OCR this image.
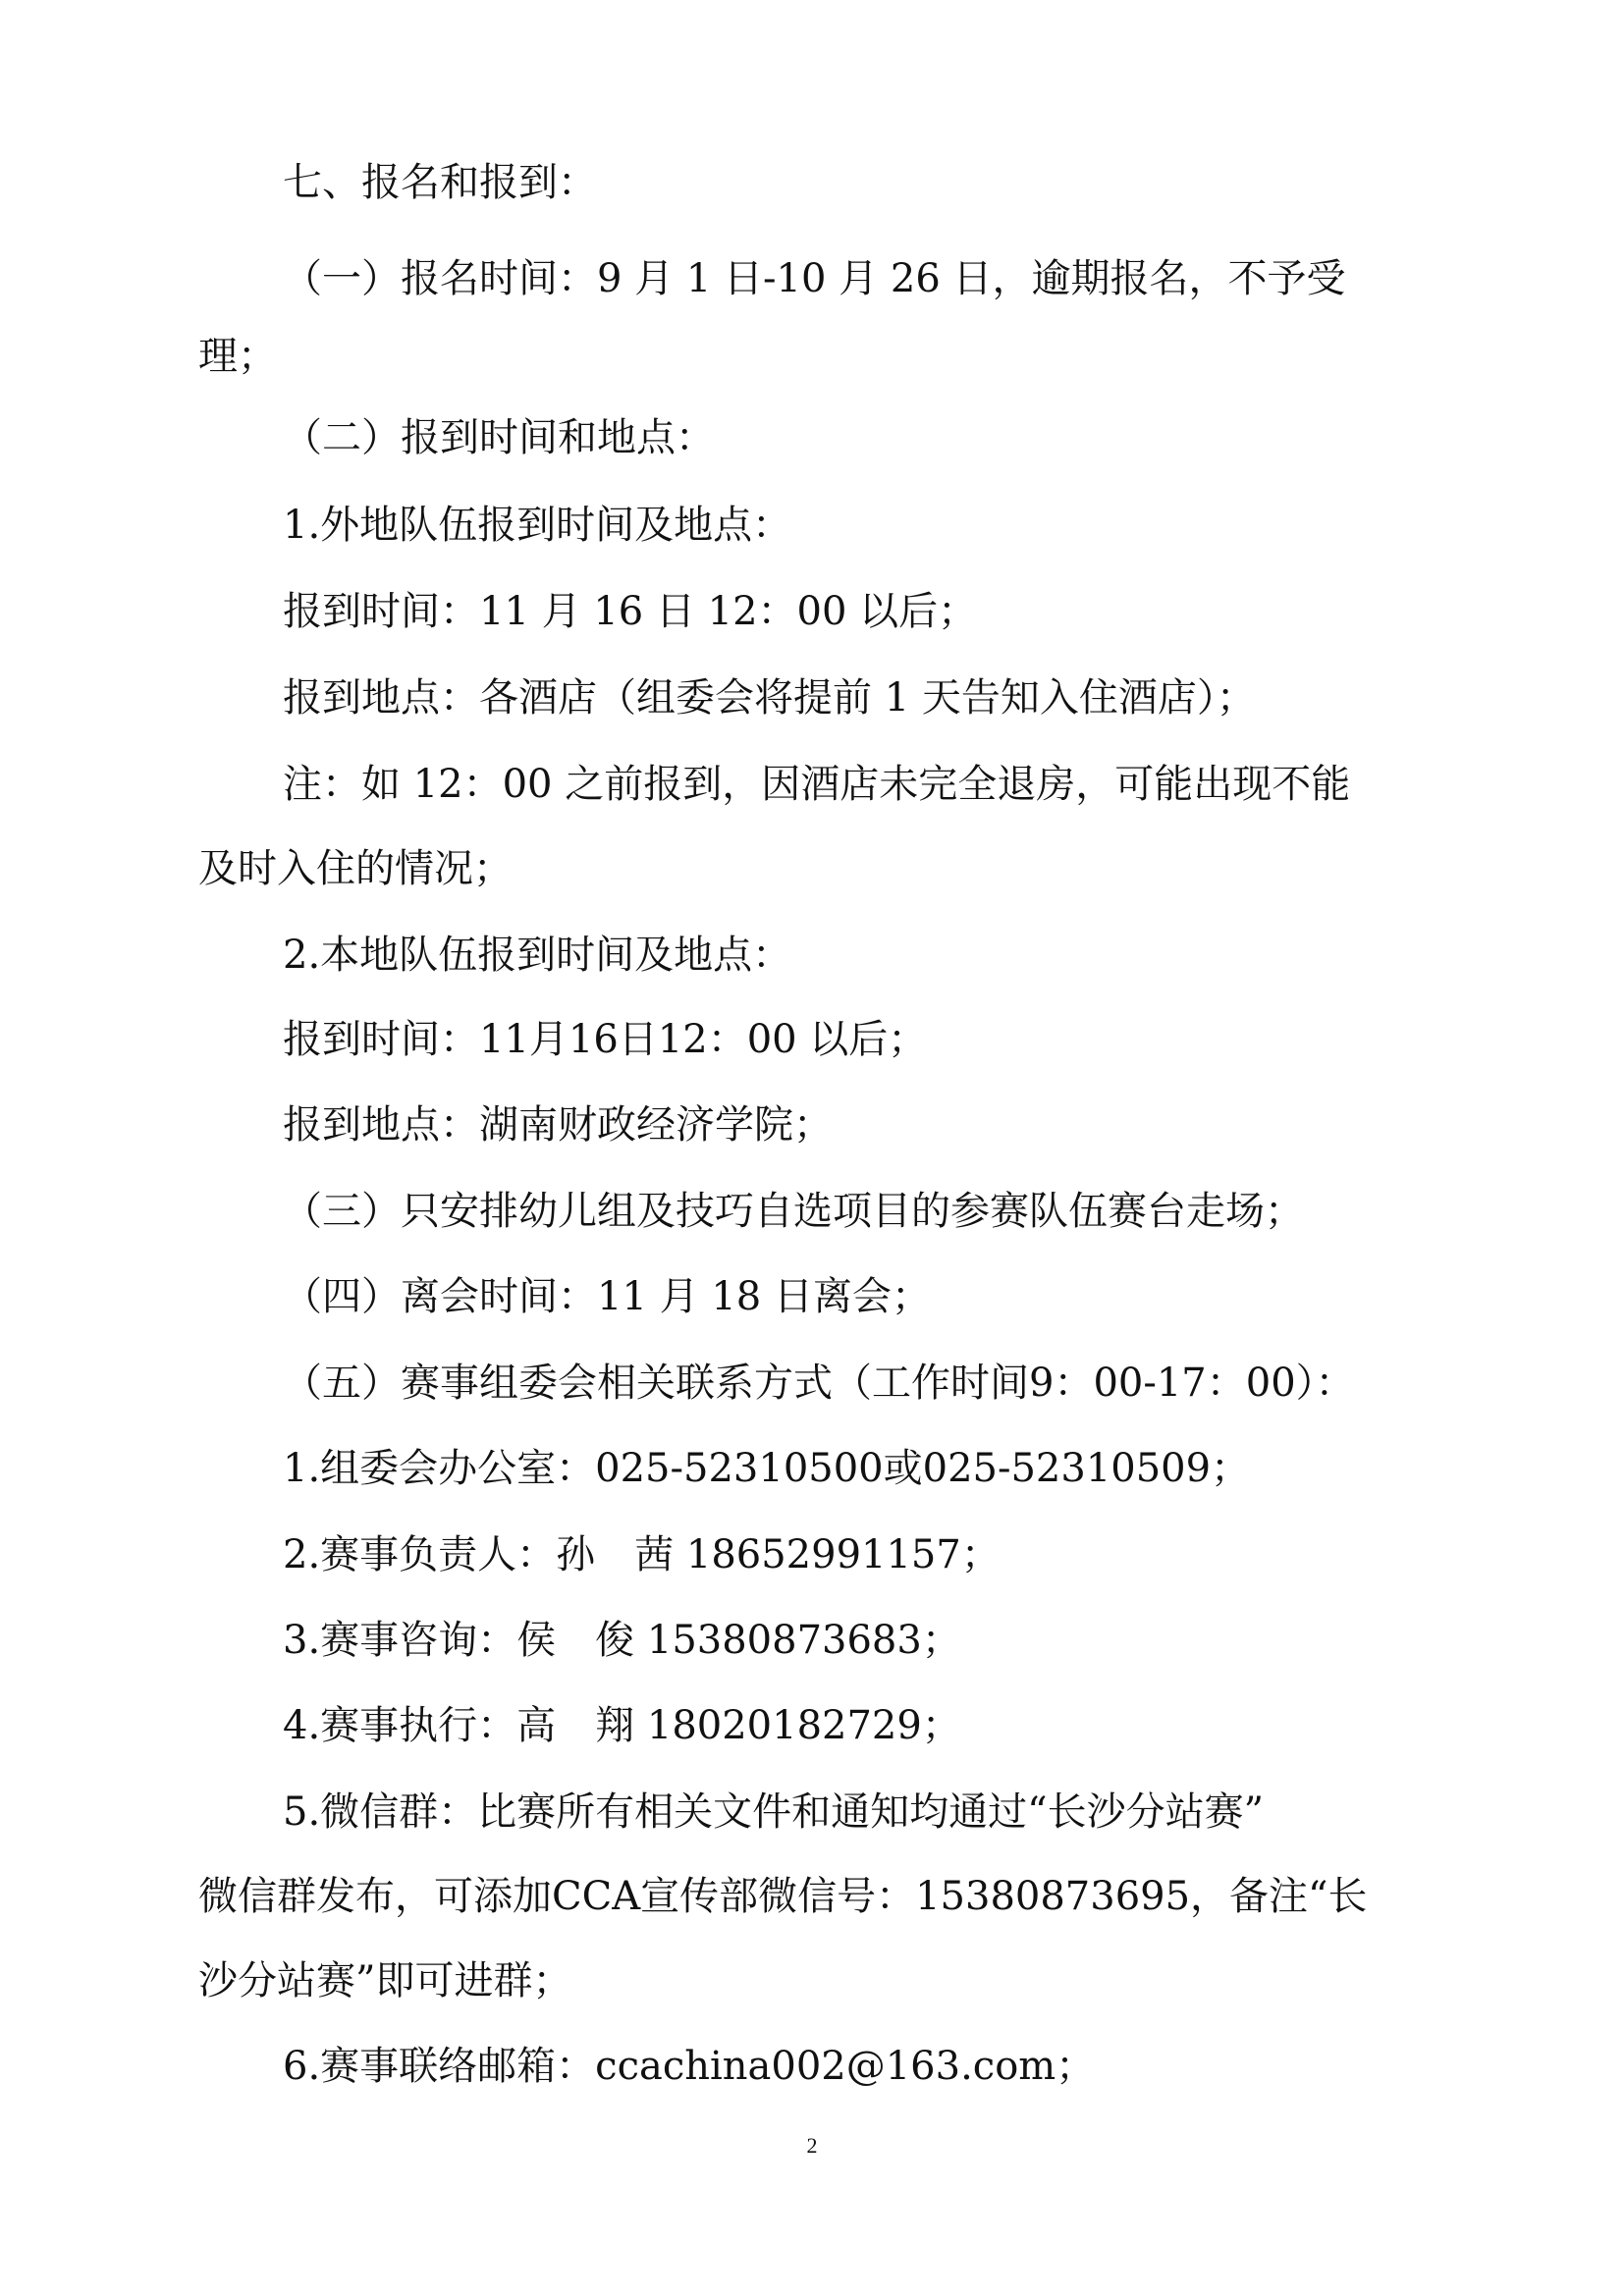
七、报名和报到：
（一）报名时间：9 月 1 日-10 月 26 日，逾期报名，不予受
理；
（二）报到时间和地点：
1.外地队伍报到时间及地点：
报到时间：11 月 16 日 12：00 以后；
报到地点：各酒店（组委会将提前 1 天告知入住酒店）；
注：如 12：00 之前报到，因酒店未完全退房，可能出现不能
及时入住的情况；
2.本地队伍报到时间及地点：
报到时间：11月16日12：00 以后；
报到地点：湖南财政经济学院；
（三）只安排幼儿组及技巧自选项目的参赛队伍赛台走场；
（四）离会时间：11 月 18 日离会；
（五）赛事组委会相关联系方式（工作时间9：00-17：00）：
1.组委会办公室：025-52310500或025-52310509；
2.赛事负责人：孙　茜 18652991157；
3.赛事咨询：侯　俊 15380873683；
4.赛事执行：高　翔 18020182729；
5.微信群：比赛所有相关文件和通知均通过“长沙分站赛”
微信群发布，可添加CCA宣传部微信号：15380873695，备注“长
沙分站赛”即可进群；
6.赛事联络邮箱：ccachina002@163.com；
2
